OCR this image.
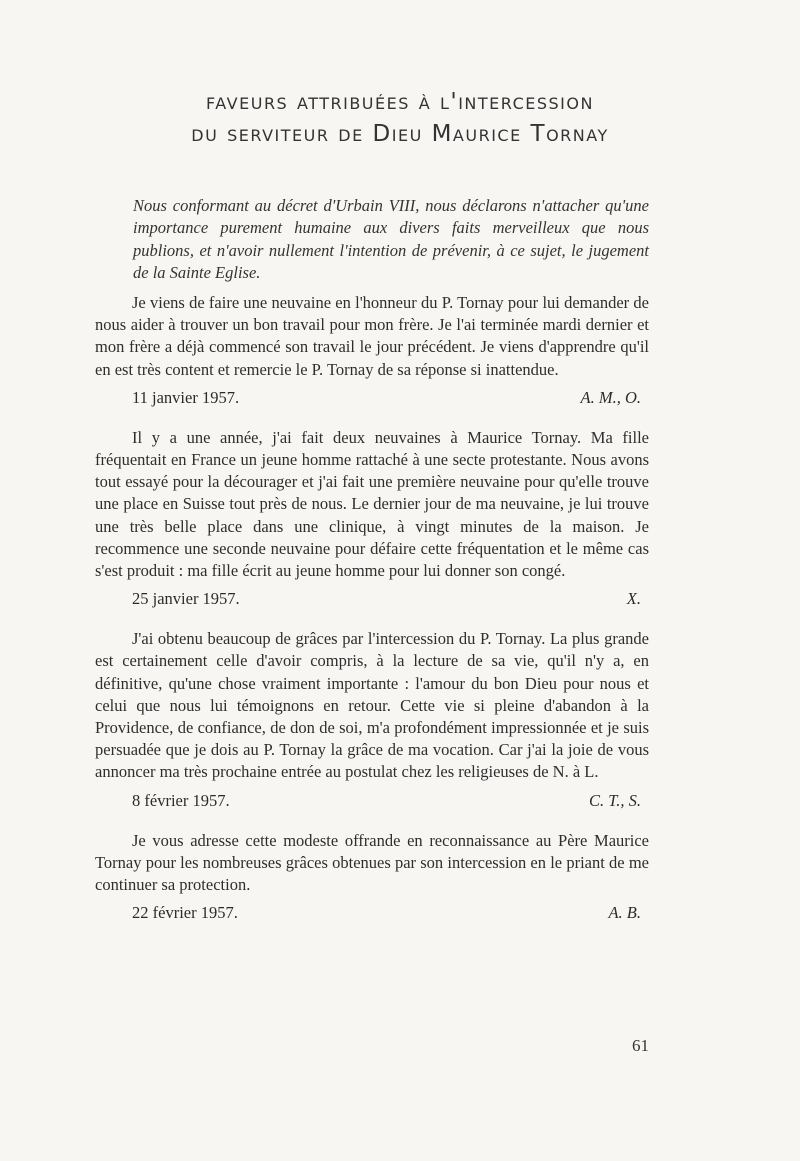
faveurs attribuées à l'intercession
du serviteur de Dieu Maurice Tornay

Nous conformant au décret d'Urbain VIII, nous déclarons n'attacher qu'une importance purement humaine aux divers faits merveilleux que nous publions, et n'avoir nullement l'intention de prévenir, à ce sujet, le jugement de la Sainte Eglise.

Je viens de faire une neuvaine en l'honneur du P. Tornay pour lui demander de nous aider à trouver un bon travail pour mon frère. Je l'ai terminée mardi dernier et mon frère a déjà commencé son travail le jour précédent. Je viens d'apprendre qu'il en est très content et remercie le P. Tornay de sa réponse si inattendue.

11 janvier 1957.	A. M., O.

Il y a une année, j'ai fait deux neuvaines à Maurice Tornay. Ma fille fréquentait en France un jeune homme rattaché à une secte protestante. Nous avons tout essayé pour la décourager et j'ai fait une première neuvaine pour qu'elle trouve une place en Suisse tout près de nous. Le dernier jour de ma neuvaine, je lui trouve une très belle place dans une clinique, à vingt minutes de la maison. Je recommence une seconde neuvaine pour défaire cette fréquentation et le même cas s'est produit : ma fille écrit au jeune homme pour lui donner son congé.

25 janvier 1957.	X.

J'ai obtenu beaucoup de grâces par l'intercession du P. Tornay. La plus grande est certainement celle d'avoir compris, à la lecture de sa vie, qu'il n'y a, en définitive, qu'une chose vraiment importante : l'amour du bon Dieu pour nous et celui que nous lui témoignons en retour. Cette vie si pleine d'abandon à la Providence, de confiance, de don de soi, m'a profondément impressionnée et je suis persuadée que je dois au P. Tornay la grâce de ma vocation. Car j'ai la joie de vous annoncer ma très prochaine entrée au postulat chez les religieuses de N. à L.

8 février 1957.	C. T., S.

Je vous adresse cette modeste offrande en reconnaissance au Père Maurice Tornay pour les nombreuses grâces obtenues par son intercession en le priant de me continuer sa protection.

22 février 1957.	A. B.
61
